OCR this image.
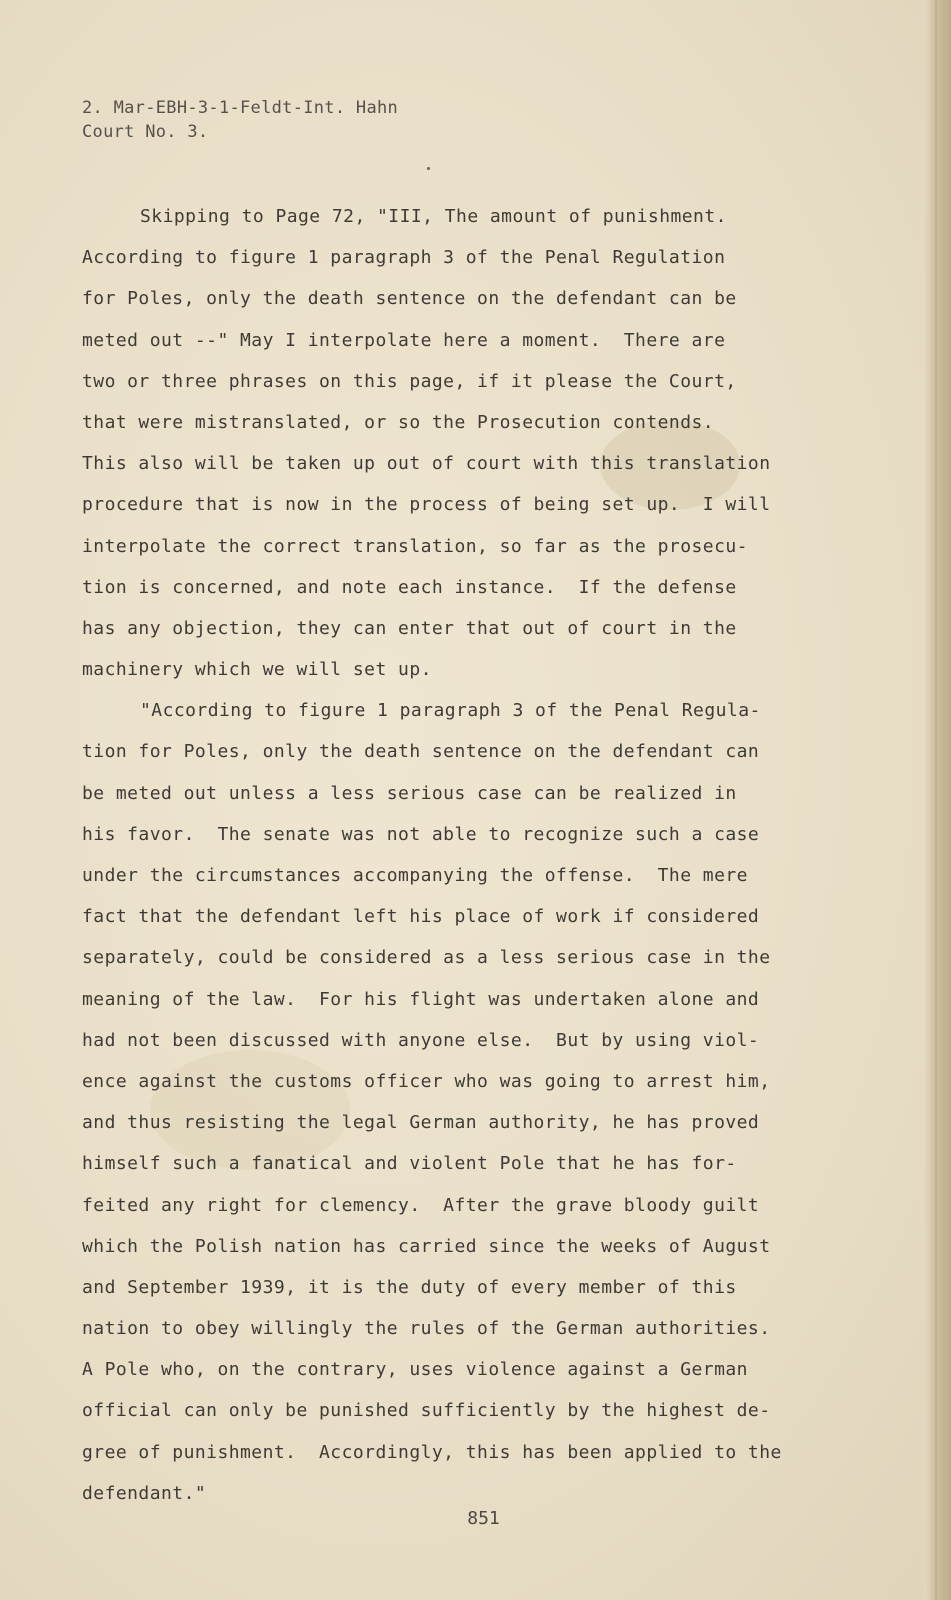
2. Mar-EBH-3-1-Feldt-Int. Hahn
Court No. 3.
Skipping to Page 72, "III, The amount of punishment.
According to figure 1 paragraph 3 of the Penal Regulation
for Poles, only the death sentence on the defendant can be
meted out --" May I interpolate here a moment.  There are
two or three phrases on this page, if it please the Court,
that were mistranslated, or so the Prosecution contends.
This also will be taken up out of court with this translation
procedure that is now in the process of being set up.  I will
interpolate the correct translation, so far as the prosecu-
tion is concerned, and note each instance.  If the defense
has any objection, they can enter that out of court in the
machinery which we will set up.
"According to figure 1 paragraph 3 of the Penal Regula-
tion for Poles, only the death sentence on the defendant can
be meted out unless a less serious case can be realized in
his favor.  The senate was not able to recognize such a case
under the circumstances accompanying the offense.  The mere
fact that the defendant left his place of work if considered
separately, could be considered as a less serious case in the
meaning of the law.  For his flight was undertaken alone and
had not been discussed with anyone else.  But by using viol-
ence against the customs officer who was going to arrest him,
and thus resisting the legal German authority, he has proved
himself such a fanatical and violent Pole that he has for-
feited any right for clemency.  After the grave bloody guilt
which the Polish nation has carried since the weeks of August
and September 1939, it is the duty of every member of this
nation to obey willingly the rules of the German authorities.
A Pole who, on the contrary, uses violence against a German
official can only be punished sufficiently by the highest de-
gree of punishment.  Accordingly, this has been applied to the
defendant."
851
